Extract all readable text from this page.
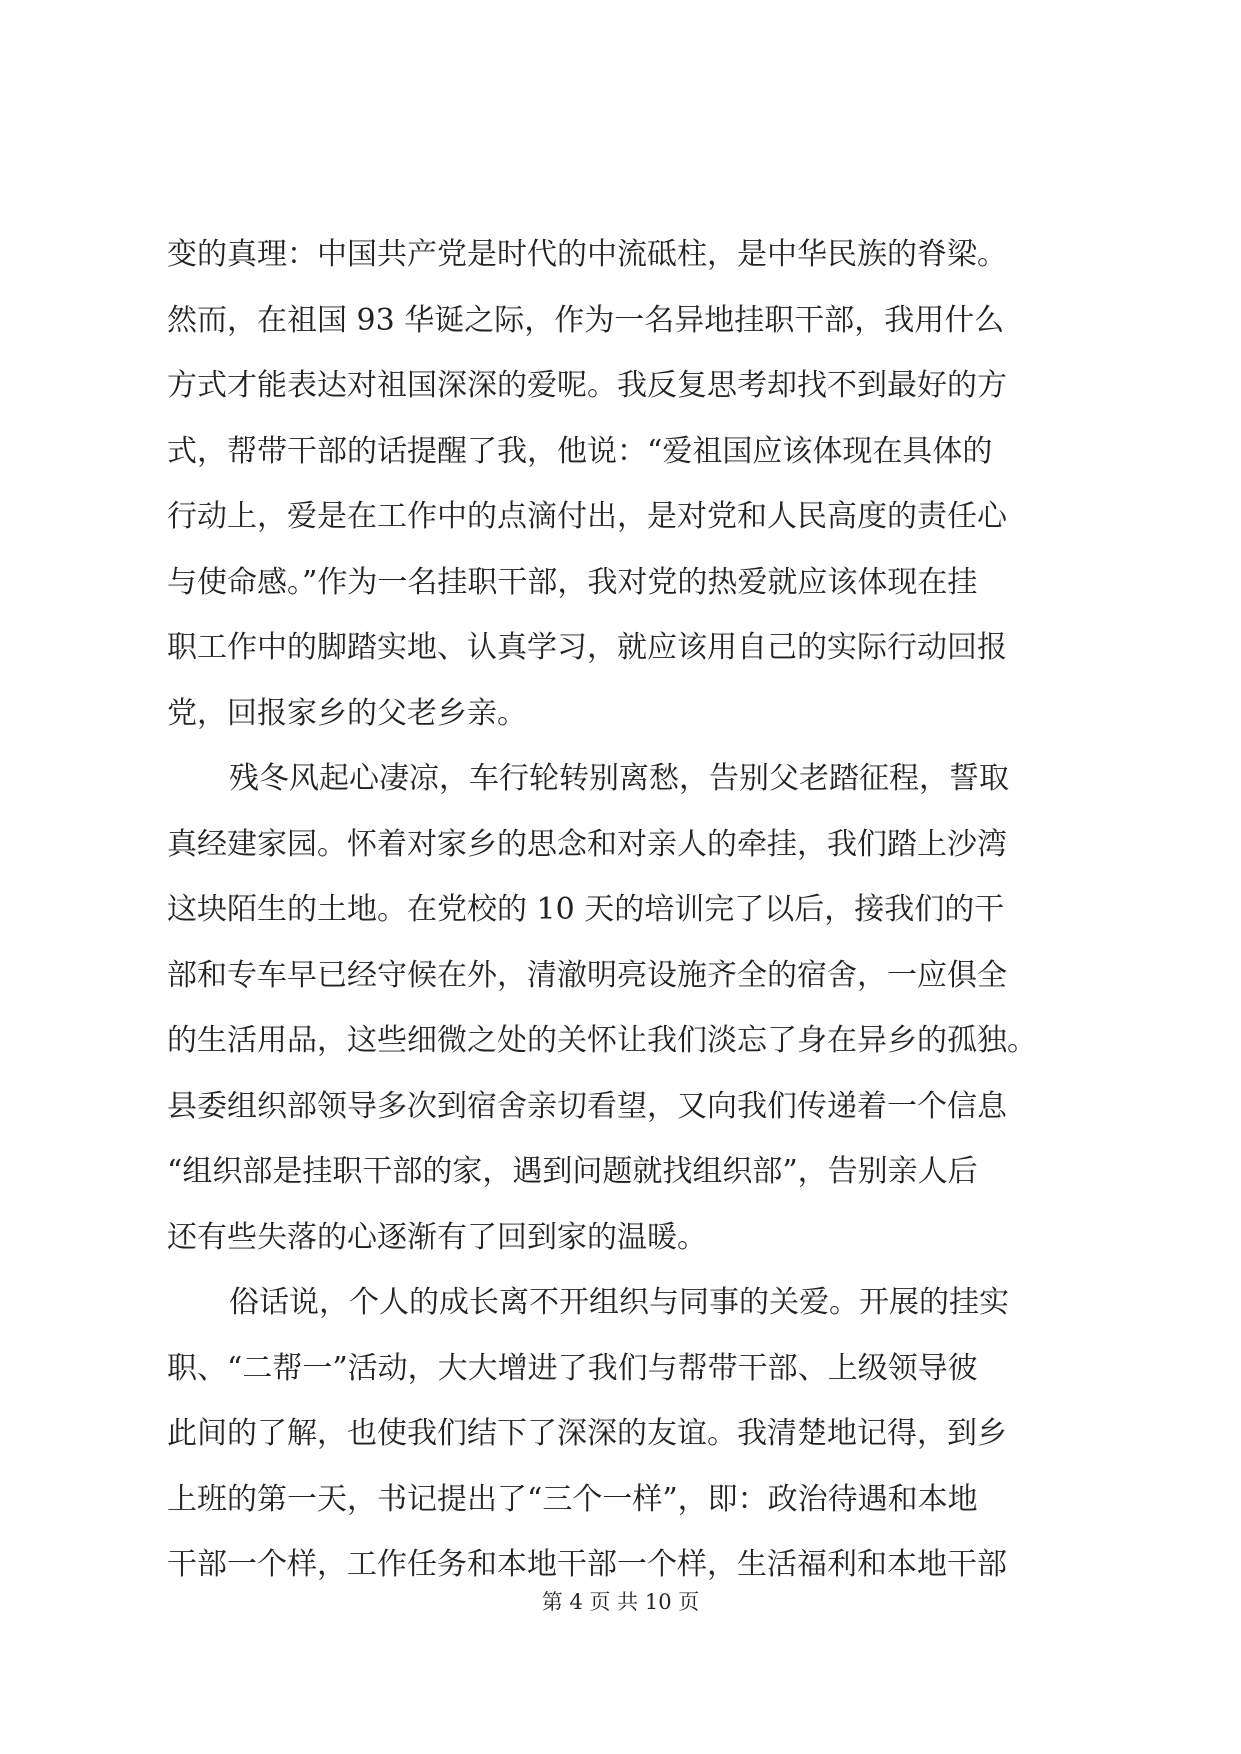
变的真理：中国共产党是时代的中流砥柱，是中华民族的脊梁。
然而，在祖国 93 华诞之际，作为一名异地挂职干部，我用什么
方式才能表达对祖国深深的爱呢。我反复思考却找不到最好的方
式，帮带干部的话提醒了我，他说：“爱祖国应该体现在具体的
行动上，爱是在工作中的点滴付出，是对党和人民高度的责任心
与使命感。”作为一名挂职干部，我对党的热爱就应该体现在挂
职工作中的脚踏实地、认真学习，就应该用自己的实际行动回报
党，回报家乡的父老乡亲。
残冬风起心凄凉，车行轮转别离愁，告别父老踏征程，誓取
真经建家园。怀着对家乡的思念和对亲人的牵挂，我们踏上沙湾
这块陌生的土地。在党校的 10 天的培训完了以后，接我们的干
部和专车早已经守候在外，清澈明亮设施齐全的宿舍，一应俱全
的生活用品，这些细微之处的关怀让我们淡忘了身在异乡的孤独。
县委组织部领导多次到宿舍亲切看望，又向我们传递着一个信息
“组织部是挂职干部的家，遇到问题就找组织部”，告别亲人后
还有些失落的心逐渐有了回到家的温暖。
俗话说，个人的成长离不开组织与同事的关爱。开展的挂实
职、“二帮一”活动，大大增进了我们与帮带干部、上级领导彼
此间的了解，也使我们结下了深深的友谊。我清楚地记得，到乡
上班的第一天，书记提出了“三个一样”，即：政治待遇和本地
干部一个样，工作任务和本地干部一个样，生活福利和本地干部
第 4 页 共 10 页
